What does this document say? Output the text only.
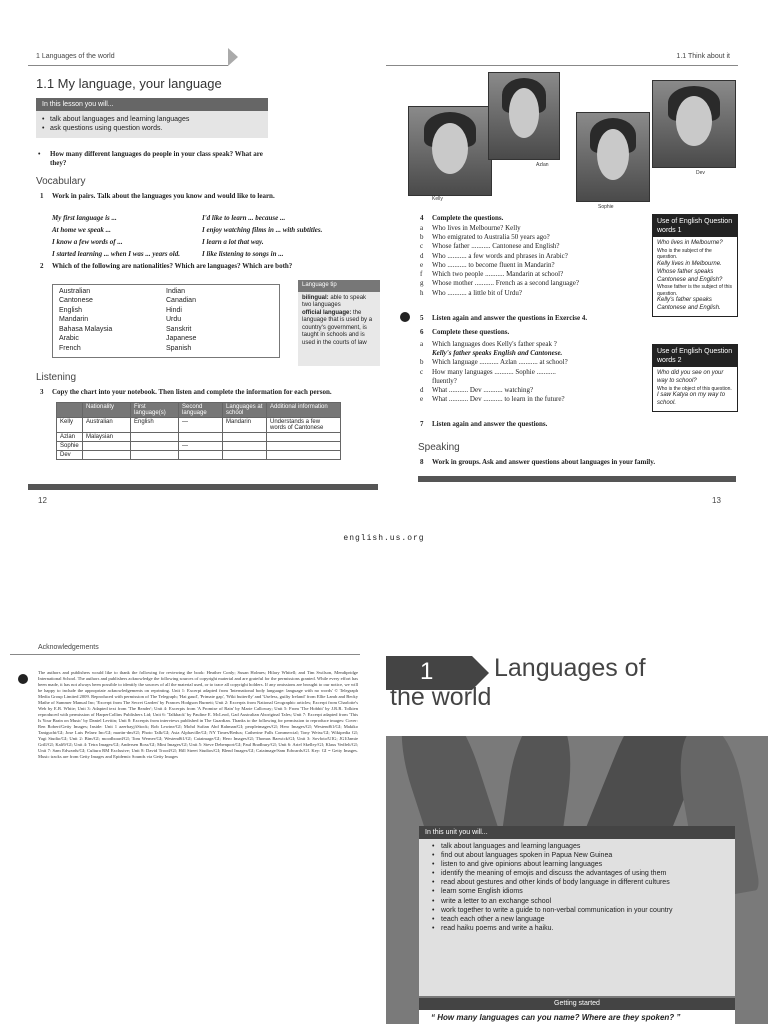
1 Languages of the world
1.1 My language, your language
In this lesson you will...
• talk about languages and learning languages
• ask questions using question words.
• How many different languages do people in your class speak? What are they?
Vocabulary
1 Work in pairs. Talk about the languages you know and would like to learn.
My first language is ...	I'd like to learn ... because ...
At home we speak ...	I enjoy watching films in ... with subtitles.
I know a few words of ...	I learn a lot that way.
I started learning ... when I was ... years old.	I like listening to songs in ...
2 Which of the following are nationalities? Which are languages? Which are both?
Australian	Indian
Cantonese	Canadian
English	Hindi
Mandarin	Urdu
Bahasa Malaysia	Sanskrit
Arabic	Japanese
French	Spanish
Language tip
bilingual: able to speak two languages
official language: the language that is used by a country's government, is taught in schools and is used in the courts of law
Listening
3 Copy the chart into your notebook. Then listen and complete the information for each person.
	Nationality	First language(s)	Second language	Languages at school	Additional information
Kelly	Australian	English	—	Mandarin	Understands a few words of Cantonese
Azlan	Malaysian				
Sophie			—		
Dev					
12
1.1 Think about it
Kelly
Azlan
Sophie
Dev
4 Complete the questions.
a	Who lives in Melbourne? Kelly
b	Who emigrated to Australia 50 years ago?
c	Whose father ........... Cantonese and English?
d	Who ........... a few words and phrases in Arabic?
e	Who ........... to become fluent in Mandarin?
f	Which two people ........... Mandarin at school?
g	Whose mother ........... French as a second language?
h	Who ........... a little bit of Urdu?
Use of English Question words 1
Who lives in Melbourne?
Who is the subject of the question.
Kelly lives in Melbourne.
Whose father speaks Cantonese and English?
Whose father is the subject of this question.
Kelly's father speaks Cantonese and English.
5 Listen again and answer the questions in Exercise 4.
6 Complete these questions.
a	Which languages does Kelly's father speak ?
Kelly's father speaks English and Cantonese.
b	Which language ........... Azlan ........... at school?
c	How many languages ........... Sophie ...........
fluently?
d	What ........... Dev ........... watching?
e	What ........... Dev ........... to learn in the future?
Use of English Question words 2
Who did you see on your way to school?
Who is the object of this question.
I saw Katya on my way to school.
7 Listen again and answer the questions.
Speaking
8 Work in groups. Ask and answer questions about languages in your family.
13
english.us.org
Acknowledgements
The authors and publishers would like to thank the following for reviewing the book: Heather Conly; Susan Holmes; Hilary Whitell; and Tim Swilson, Mendipridge International School. The authors and publishers acknowledge the following sources of copyright material and are grateful for the permissions granted. While every effort has been made, it has not always been possible to identify the sources of all the material used, or to trace all copyright holders. If any omissions are brought to our notice, we will be happy to include the appropriate acknowledgements on reprinting. Unit 1: Excerpt adapted from 'International body language: language with no words' © Telegraph Media Group Limited 2009. Reproduced with permission of The Telegraph; 'Hai gaud', 'Primate gap', 'Wiki butterfly' and 'Useless, guilty Ireland' from Ellie Lamb and Becky Mathe of Summer Manual Inc; 'Excerpt from The Secret Garden' by Frances Hodgson Burnett; Unit 2: Excerpts from National Geographic articles; Excerpt from Charlotte's Web by E.B. White; Unit 3: Adapted text from 'The Reader'; Unit 4: Excerpts from 'A Promise of Rain' by Marie Calloway; Unit 5: From 'The Hobbit' by J.R.R. Tolkien reproduced with permission of HarperCollins Publishers Ltd; Unit 6: 'Talkback' by Pauline E. McLeod, Gad Australian Aboriginal Tales; Unit 7: Excerpt adapted from 'This Is Your Brain on Music' by Daniel Levitin; Unit 8: Excerpts from interviews published in The Guardian. Thanks to the following for permission to reproduce images: Cover: Ren Robert/Getty Images; Inside: Unit 1 azerbayj/iStock; Rob Lewine/GI; Mohd Sufian Abd Rahman/GI; peopleimages/GI; Hero Images/GI; Westend61/GI; Makiko Taniguchi/GI; Jose Luis Pelaez Inc/GI; martin-dm/GI; Photo Talk/GI; Asia Alphaville/GI; NY Times/Redux; Catherine Falls Commercial; Tony Weiss/GI; Wikipedia GI; Yagi Studio/GI; Unit 2: Bim/GI; moodboard/GI; Tom Werner/GI; Westend61/GI; Caiaimage/GI; Hero Images/GI; Thomas Barwick/GI; Unit 3: Sovfoto/UIG; JGI/Jamie Grill/GI; Kali9/GI; Unit 4: Tetra Images/GI; Andersen Ross/GI; Mint Images/GI; Unit 5: Steve Debenport/GI; Paul Bradbury/GI; Unit 6: Ariel Skelley/GI; Klaus Vedfelt/GI; Unit 7: Sam Edwards/GI; Cultura RM Exclusive; Unit 8: David Trood/GI; Hill Street Studios/GI; Blend Images/GI; Caiaimage/Sam Edwards/GI. Key: GI = Getty Images. Music tracks are from Getty Images and Epidemic Sounds via Getty Images
1	Languages of
the world
In this unit you will...
• talk about languages and learning languages
• find out about languages spoken in Papua New Guinea
• listen to and give opinions about learning languages
• identify the meaning of emojis and discuss the advantages of using them
• read about gestures and other kinds of body language in different cultures
• learn some English idioms
• write a letter to an exchange school
• work together to write a guide to non-verbal communication in your country
• teach each other a new language
• read haiku poems and write a haiku.
Getting started
“ How many languages can you name? Where are they spoken? ”
